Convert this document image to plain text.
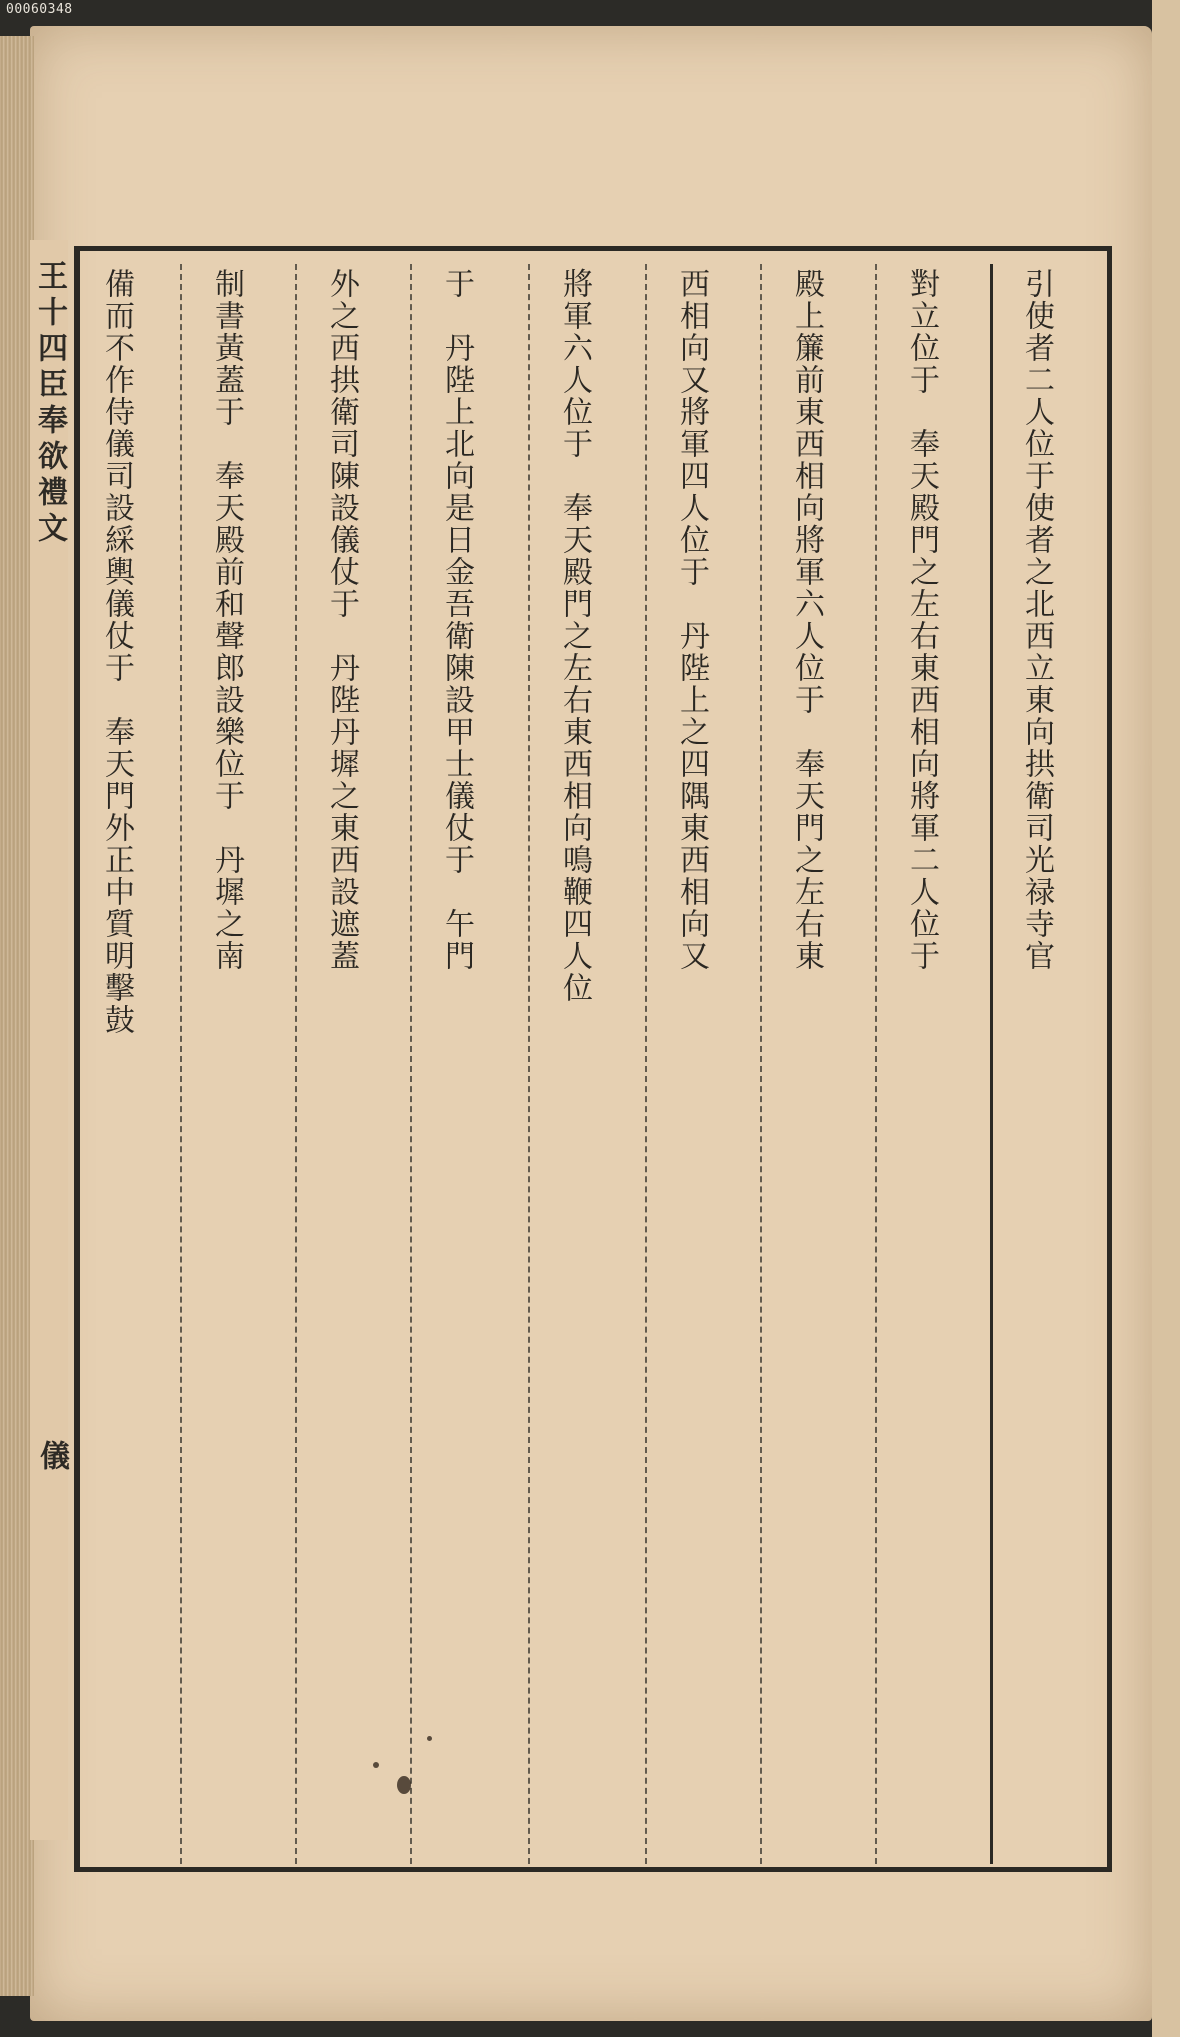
00060348
王十四臣奉欲禮文
儀
引使者二人位于使者之北西立東向拱衛司光禄寺官
對立位于　奉天殿門之左右東西相向將軍二人位于
殿上簾前東西相向將軍六人位于　奉天門之左右東
西相向又將軍四人位于　丹陛上之四隅東西相向又
將軍六人位于　奉天殿門之左右東西相向鳴鞭四人位
于　丹陛上北向是日金吾衛陳設甲士儀仗于　午門
外之西拱衛司陳設儀仗于　丹陛丹墀之東西設遮蓋
制書黃蓋于　奉天殿前和聲郎設樂位于　丹墀之南
備而不作侍儀司設綵輿儀仗于　奉天門外正中質明擊鼓
